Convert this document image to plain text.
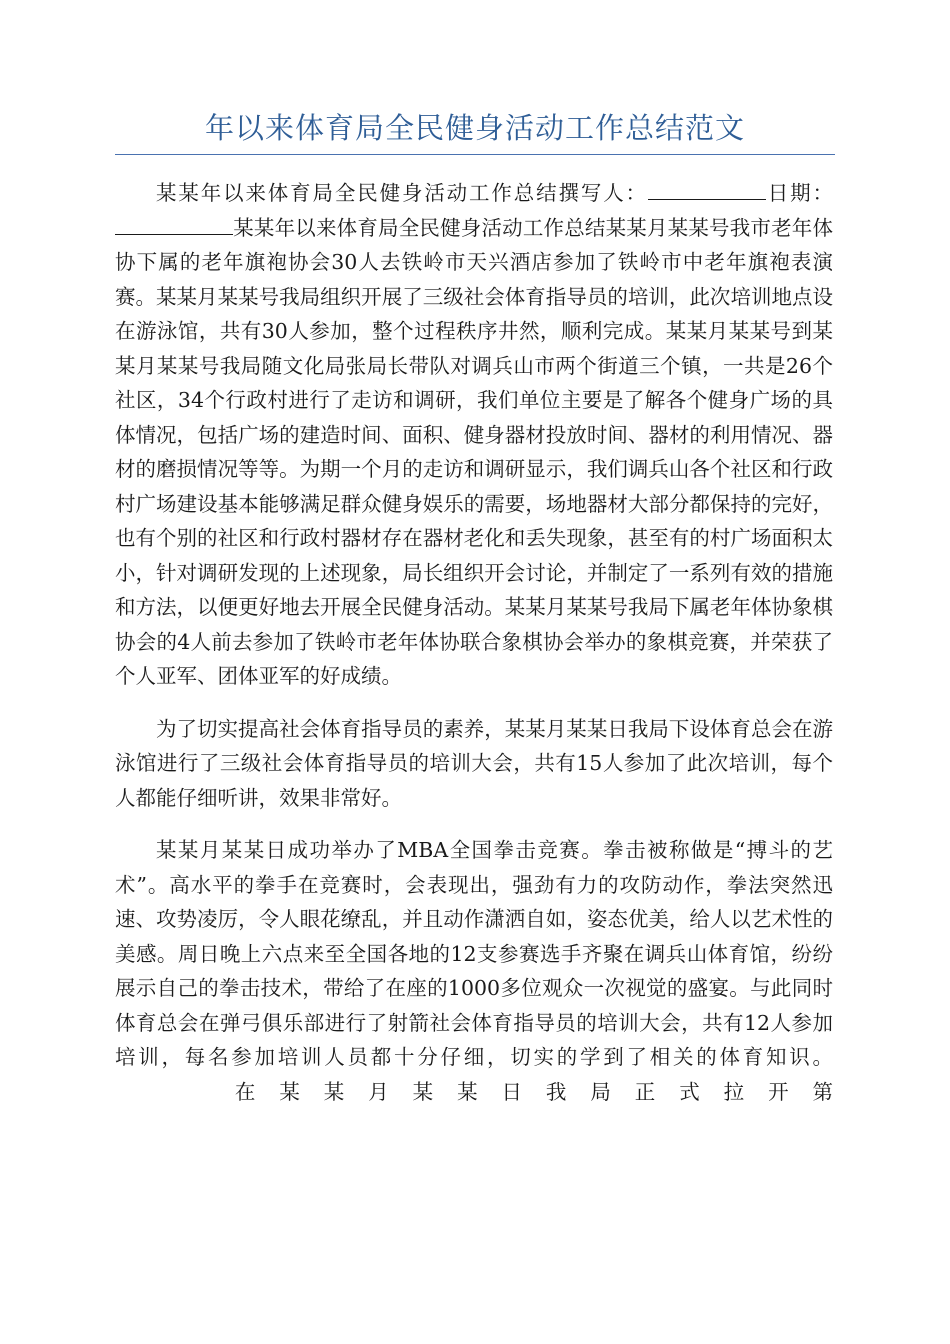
年以来体育局全民健身活动工作总结范文

某某年以来体育局全民健身活动工作总结撰写人：	日期：某某年以来体育局全民健身活动工作总结某某月某某号我市老年体协下属的老年旗袍协会30人去铁岭市天兴酒店参加了铁岭市中老年旗袍表演赛。某某月某某号我局组织开展了三级社会体育指导员的培训，此次培训地点设在游泳馆，共有30人参加，整个过程秩序井然，顺利完成。某某月某某号到某某月某某号我局随文化局张局长带队对调兵山市两个街道三个镇，一共是26个社区，34个行政村进行了走访和调研，我们单位主要是了解各个健身广场的具体情况，包括广场的建造时间、面积、健身器材投放时间、器材的利用情况、器材的磨损情况等等。为期一个月的走访和调研显示，我们调兵山各个社区和行政村广场建设基本能够满足群众健身娱乐的需要，场地器材大部分都保持的完好，也有个别的社区和行政村器材存在器材老化和丢失现象，甚至有的村广场面积太小，针对调研发现的上述现象，局长组织开会讨论，并制定了一系列有效的措施和方法，以便更好地去开展全民健身活动。某某月某某号我局下属老年体协象棋协会的4人前去参加了铁岭市老年体协联合象棋协会举办的象棋竞赛，并荣获了个人亚军、团体亚军的好成绩。

为了切实提高社会体育指导员的素养，某某月某某日我局下设体育总会在游泳馆进行了三级社会体育指导员的培训大会，共有15人参加了此次培训，每个人都能仔细听讲，效果非常好。

某某月某某日成功举办了MBA全国拳击竞赛。拳击被称做是“搏斗的艺术”。高水平的拳手在竞赛时，会表现出，强劲有力的攻防动作，拳法突然迅速、攻势凌厉，令人眼花缭乱，并且动作潇洒自如，姿态优美，给人以艺术性的美感。周日晚上六点来至全国各地的12支参赛选手齐聚在调兵山体育馆，纷纷展示自己的拳击技术，带给了在座的1000多位观众一次视觉的盛宴。与此同时体育总会在弹弓俱乐部进行了射箭社会体育指导员的培训大会，共有12人参加培训，每名参加培训人员都十分仔细，切实的学到了相关的体育知识。在某某月某某日我局正式拉开第
